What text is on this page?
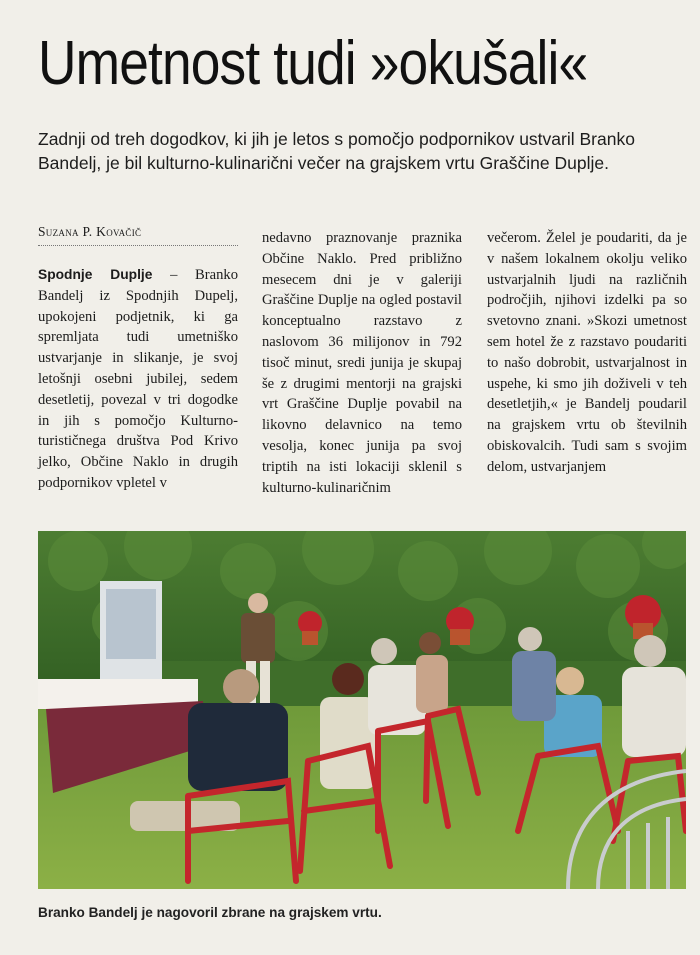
Umetnost tudi »okušali«

Zadnji od treh dogodkov, ki jih je letos s pomočjo podpornikov ustvaril Branko Bandelj, je bil kulturno-kulinarični večer na grajskem vrtu Graščine Duplje.

Suzana P. Kovačič

Spodnje Duplje – Branko Bandelj iz Spodnjih Dupelj, upokojeni podjetnik, ki ga spremljata tudi umetniško ustvarjanje in slikanje, je svoj letošnji osebni jubilej, sedem desetletij, povezal v tri dogodke in jih s pomočjo Kulturno-turističnega društva Pod Krivo jelko, Občine Naklo in drugih podpornikov vpletel v

nedavno praznovanje praznika Občine Naklo. Pred približno mesecem dni je v galeriji Graščine Duplje na ogled postavil konceptualno razstavo z naslovom 36 milijonov in 792 tisoč minut, sredi junija je skupaj še z drugimi mentorji na grajski vrt Graščine Duplje povabil na likovno delavnico na temo vesolja, konec junija pa svoj triptih na isti lokaciji sklenil s kulturno-kulinaričnim

večerom. Želel je poudariti, da je v našem lokalnem okolju veliko ustvarjalnih ljudi na različnih področjih, njihovi izdelki pa so svetovno znani. »Skozi umetnost sem hotel že z razstavo poudariti to našo dobrobit, ustvarjalnost in uspehe, ki smo jih doživeli v teh desetletjih,« je Bandelj poudaril na grajskem vrtu ob številnih obiskovalcih. Tudi sam s svojim delom, ustvarjanjem

Branko Bandelj je nagovoril zbrane na grajskem vrtu.
